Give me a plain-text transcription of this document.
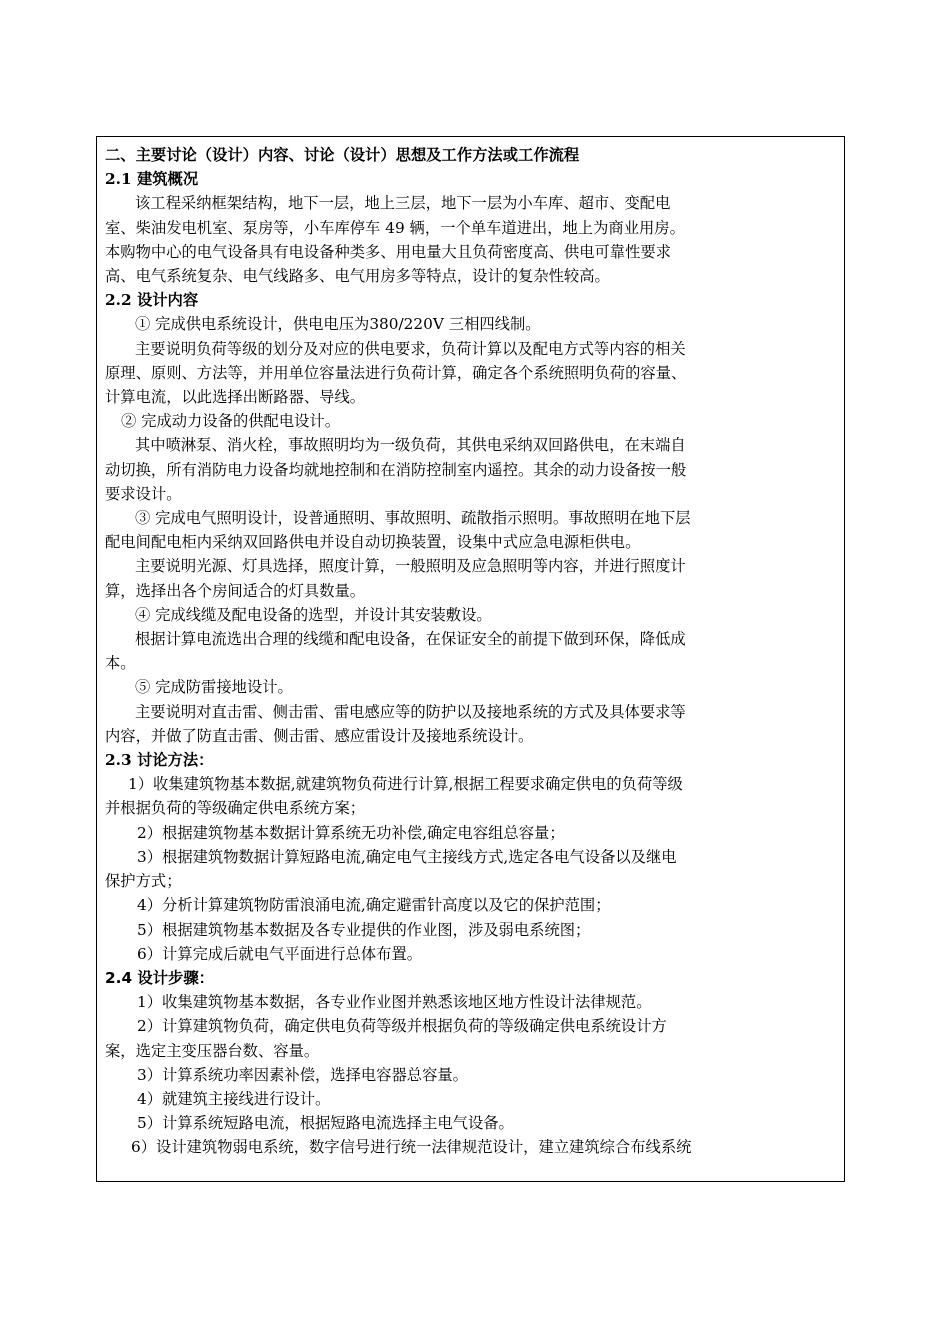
二、主要讨论（设计）内容、讨论（设计）思想及工作方法或工作流程
2.1 建筑概况
该工程采纳框架结构，地下一层，地上三层，地下一层为小车库、超市、变配电
室、柴油发电机室、泵房等，小车库停车 49 辆，一个单车道进出，地上为商业用房。
本购物中心的电气设备具有电设备种类多、用电量大且负荷密度高、供电可靠性要求
高、电气系统复杂、电气线路多、电气用房多等特点，设计的复杂性较高。
2.2 设计内容
① 完成供电系统设计，供电电压为380/220V 三相四线制。
主要说明负荷等级的划分及对应的供电要求，负荷计算以及配电方式等内容的相关
原理、原则、方法等，并用单位容量法进行负荷计算，确定各个系统照明负荷的容量、
计算电流，以此选择出断路器、导线。
② 完成动力设备的供配电设计。
其中喷淋泵、消火栓，事故照明均为一级负荷，其供电采纳双回路供电，在末端自
动切换，所有消防电力设备均就地控制和在消防控制室内遥控。其余的动力设备按一般
要求设计。
③ 完成电气照明设计，设普通照明、事故照明、疏散指示照明。事故照明在地下层
配电间配电柜内采纳双回路供电并设自动切换装置，设集中式应急电源柜供电。
主要说明光源、灯具选择，照度计算，一般照明及应急照明等内容，并进行照度计
算，选择出各个房间适合的灯具数量。
④ 完成线缆及配电设备的选型，并设计其安装敷设。
根据计算电流选出合理的线缆和配电设备，在保证安全的前提下做到环保，降低成
本。
⑤ 完成防雷接地设计。
主要说明对直击雷、侧击雷、雷电感应等的防护以及接地系统的方式及具体要求等
内容，并做了防直击雷、侧击雷、感应雷设计及接地系统设计。
2.3 讨论方法：
1）收集建筑物基本数据,就建筑物负荷进行计算,根据工程要求确定供电的负荷等级
并根据负荷的等级确定供电系统方案；
2）根据建筑物基本数据计算系统无功补偿,确定电容组总容量；
3）根据建筑物数据计算短路电流,确定电气主接线方式,选定各电气设备以及继电
保护方式；
4）分析计算建筑物防雷浪涌电流,确定避雷针高度以及它的保护范围；
5）根据建筑物基本数据及各专业提供的作业图，涉及弱电系统图；
6）计算完成后就电气平面进行总体布置。
2.4 设计步骤：
1）收集建筑物基本数据，各专业作业图并熟悉该地区地方性设计法律规范。
2）计算建筑物负荷，确定供电负荷等级并根据负荷的等级确定供电系统设计方
案，选定主变压器台数、容量。
3）计算系统功率因素补偿，选择电容器总容量。
4）就建筑主接线进行设计。
5）计算系统短路电流，根据短路电流选择主电气设备。
6）设计建筑物弱电系统，数字信号进行统一法律规范设计，建立建筑综合布线系统
